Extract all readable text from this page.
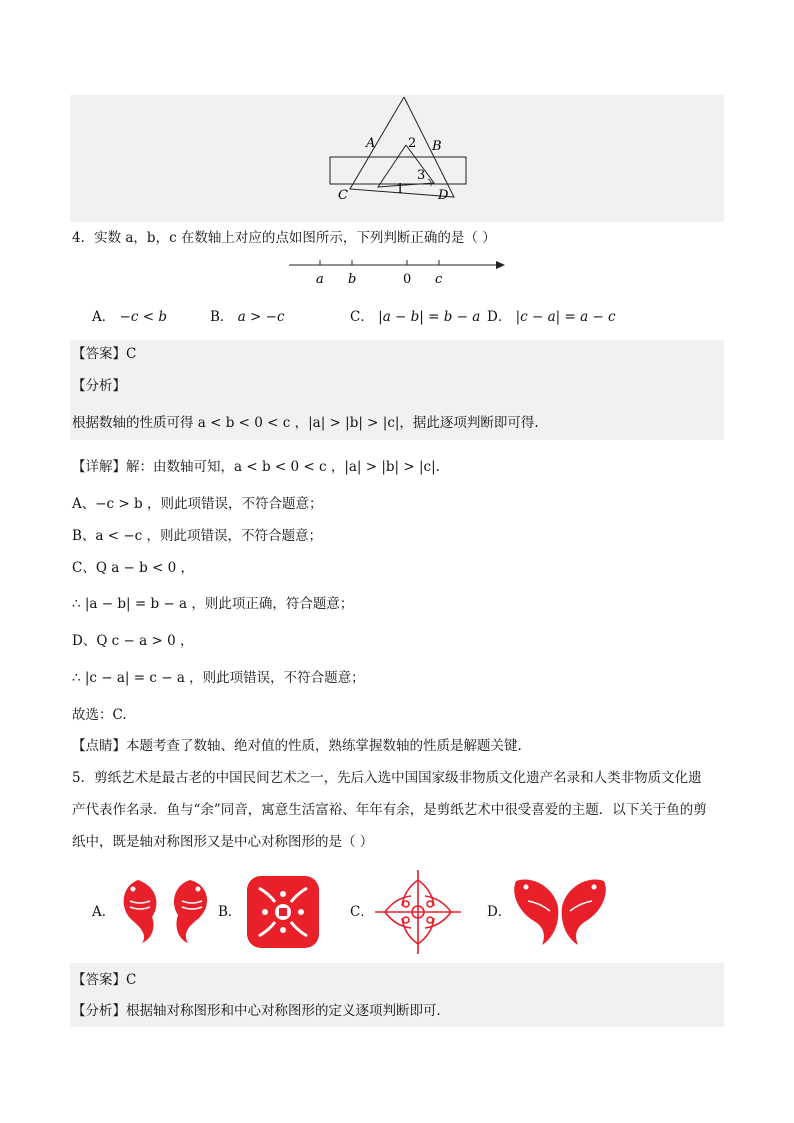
A	2 B
3
1
C	D
4．实数 a，b，c 在数轴上对应的点如图所示，下列判断正确的是（ ）
a b	0 c
A． −c < b	B． a > −c	C． |a − b| = b − a D． |c − a| = a − c
【答案】C
【分析】
根据数轴的性质可得 a < b < 0 < c ，|a| > |b| > |c|，据此逐项判断即可得.
【详解】解：由数轴可知，a < b < 0 < c ，|a| > |b| > |c|.
A、−c > b ，则此项错误，不符合题意；
B、a < −c ，则此项错误，不符合题意；
C、Q a − b < 0 ，
∴ |a − b| = b − a ，则此项正确，符合题意；
D、Q c − a > 0 ，
∴ |c − a| = c − a ，则此项错误，不符合题意；
故选：C.
【点睛】本题考查了数轴、绝对值的性质，熟练掌握数轴的性质是解题关键.
5．剪纸艺术是最古老的中国民间艺术之一，先后入选中国国家级非物质文化遗产名录和人类非物质文化遗
产代表作名录．鱼与“余”同音，寓意生活富裕、年年有余，是剪纸艺术中很受喜爱的主题．以下关于鱼的剪
纸中，既是轴对称图形又是中心对称图形的是（ ）
A．	B．	C．	D．
【答案】C
【分析】根据轴对称图形和中心对称图形的定义逐项判断即可．
